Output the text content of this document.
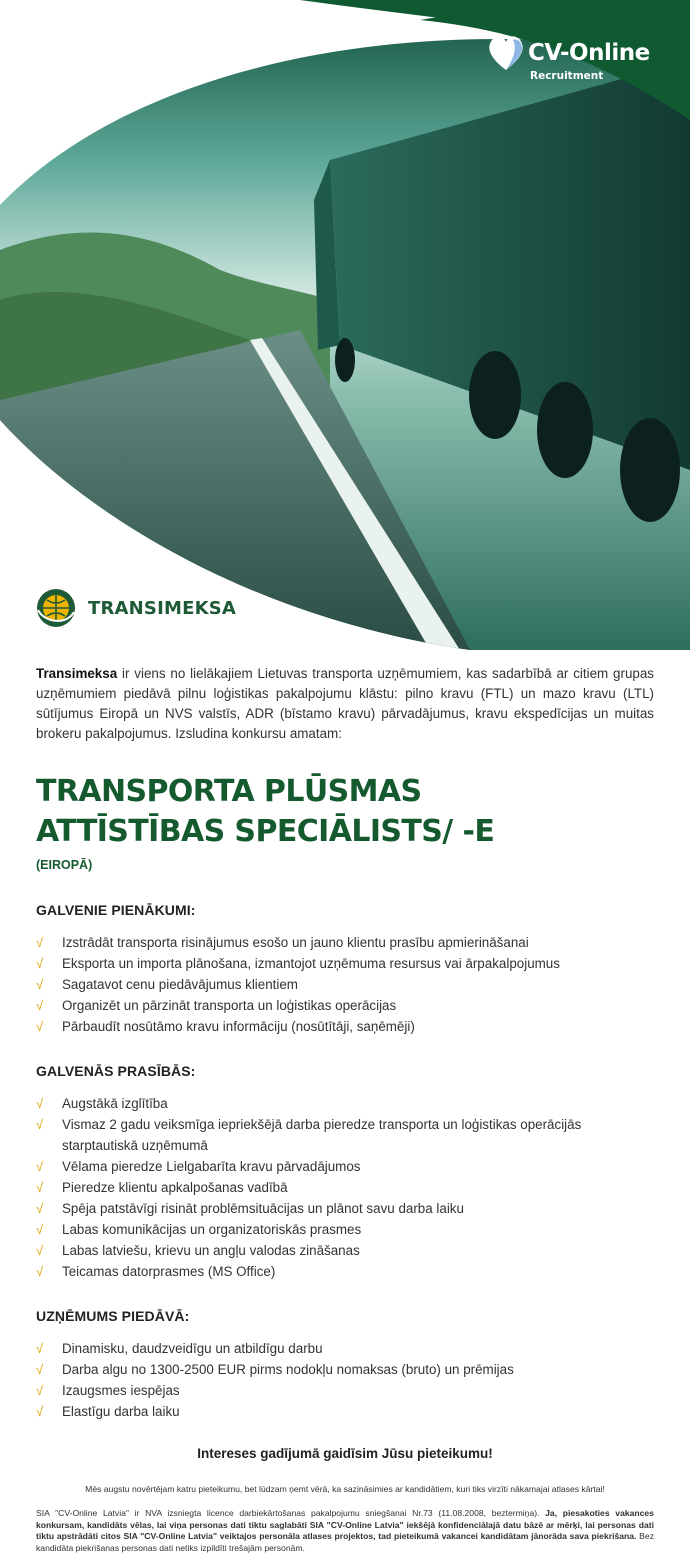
CV-Online
Recruitment
TRANSIMEKSA

Transimeksa ir viens no lielākajiem Lietuvas transporta uzņēmumiem, kas sadarbībā ar citiem grupas uzņēmumiem piedāvā pilnu loģistikas pakalpojumu klāstu: pilno kravu (FTL) un mazo kravu (LTL) sūtījumus Eiropā un NVS valstīs, ADR (bīstamo kravu) pārvadājumus, kravu ekspedīcijas un muitas brokeru pakalpojumus. Izsludina konkursu amatam:

TRANSPORTA PLŪSMAS
ATTĪSTĪBAS SPECIĀLISTS/ -E

(EIROPĀ)

GALVENIE PIENĀKUMI:
√ Izstrādāt transporta risinājumus esošo un jauno klientu prasību apmierināšanai
√ Eksporta un importa plānošana, izmantojot uzņēmuma resursus vai ārpakalpojumus
√ Sagatavot cenu piedāvājumus klientiem
√ Organizēt un pārzināt transporta un loģistikas operācijas
√ Pārbaudīt nosūtāmo kravu informāciju (nosūtītāji, saņēmēji)
GALVENĀS PRASĪBĀS:
√ Augstākā izglītība
√ Vismaz 2 gadu veiksmīga iepriekšējā darba pieredze transporta un loģistikas operācijās starptautiskā uzņēmumā
√ Vēlama pieredze Lielgabarīta kravu pārvadājumos
√ Pieredze klientu apkalpošanas vadībā
√ Spēja patstāvīgi risināt problēmsituācijas un plānot savu darba laiku
√ Labas komunikācijas un organizatoriskās prasmes
√ Labas latviešu, krievu un angļu valodas zināšanas
√ Teicamas datorprasmes (MS Office)
UZŅĒMUMS PIEDĀVĀ:
√ Dinamisku, daudzveidīgu un atbildīgu darbu
√ Darba algu no 1300-2500 EUR pirms nodokļu nomaksas (bruto) un prēmijas
√ Izaugsmes iespējas
√ Elastīgu darba laiku

Intereses gadījumā gaidīsim Jūsu pieteikumu!

Mēs augstu novērtējam katru pieteikumu, bet lūdzam ņemt vērā, ka sazināsimies ar kandidātiem, kuri tiks virzīti nākamajai atlases kārtai!

SIA "CV-Online Latvia" ir NVA izsniegta licence darbiekārtošanas pakalpojumu sniegšanai Nr.73 (11.08.2008, beztermiņa). Ja, piesakoties vakances konkursam, kandidāts vēlas, lai viņa personas dati tiktu saglabāti SIA "CV-Online Latvia" iekšējā konfidenciālajā datu bāzē ar mērķi, lai personas dati tiktu apstrādāti citos SIA "CV-Online Latvia" veiktajos personāla atlases projektos, tad pieteikumā vakancei kandidātam jānorāda sava piekrišana. Bez kandidāta piekrišanas personas dati netiks izpildīti trešajām personām.
